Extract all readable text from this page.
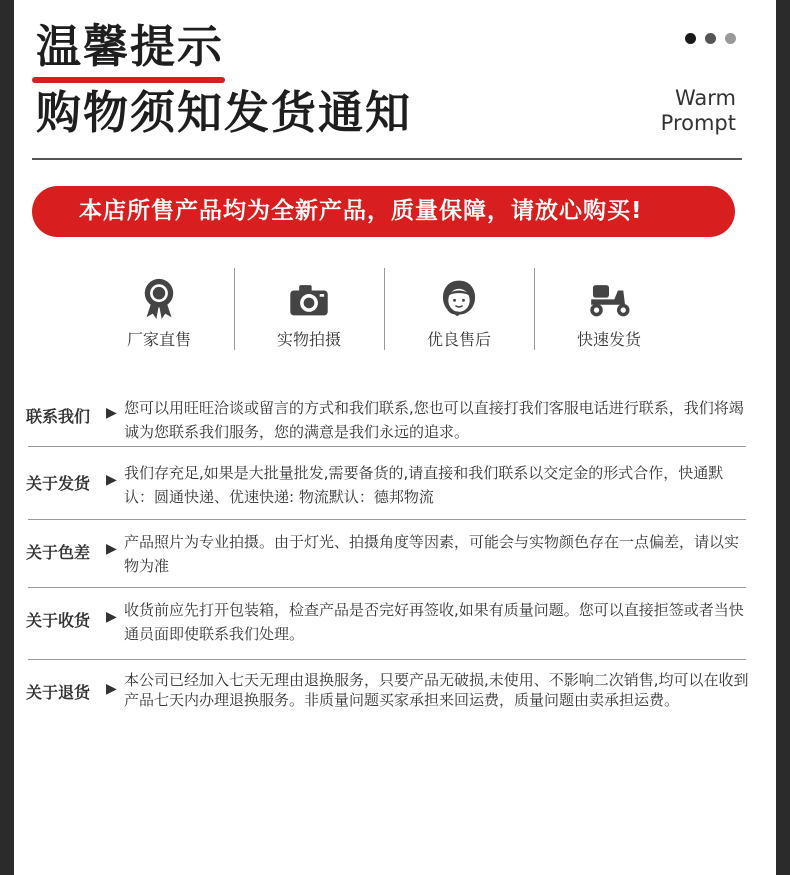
温馨提示
购物须知发货通知	Warm
Prompt
本店所售产品均为全新产品，质量保障，请放心购买!
厂家直售	实物拍摄	优良售后	快速发货
联系我们 ▶ 您可以用旺旺洽谈或留言的方式和我们联系,您也可以直接打我们客服电话进行联系，我们将竭诚为您联系我们服务，您的满意是我们永远的追求。
关于发货 ▶ 我们存充足,如果是大批量批发,需要备货的,请直接和我们联系以交定金的形式合作，快通默认：圆通快递、优速快递: 物流默认：德邦物流
关于色差 ▶ 产品照片为专业拍摄。由于灯光、拍摄角度等因素，可能会与实物颜色存在一点偏差，请以实物为准
关于收货 ▶ 收货前应先打开包装箱，检查产品是否完好再签收,如果有质量问题。您可以直接拒签或者当快通员面即使联系我们处理。
关于退货 ▶ 本公司已经加入七天无理由退换服务，只要产品无破损,未使用、不影响二次销售,均可以在收到产品七天内办理退换服务。非质量问题买家承担来回运费，质量问题由卖承担运费。
